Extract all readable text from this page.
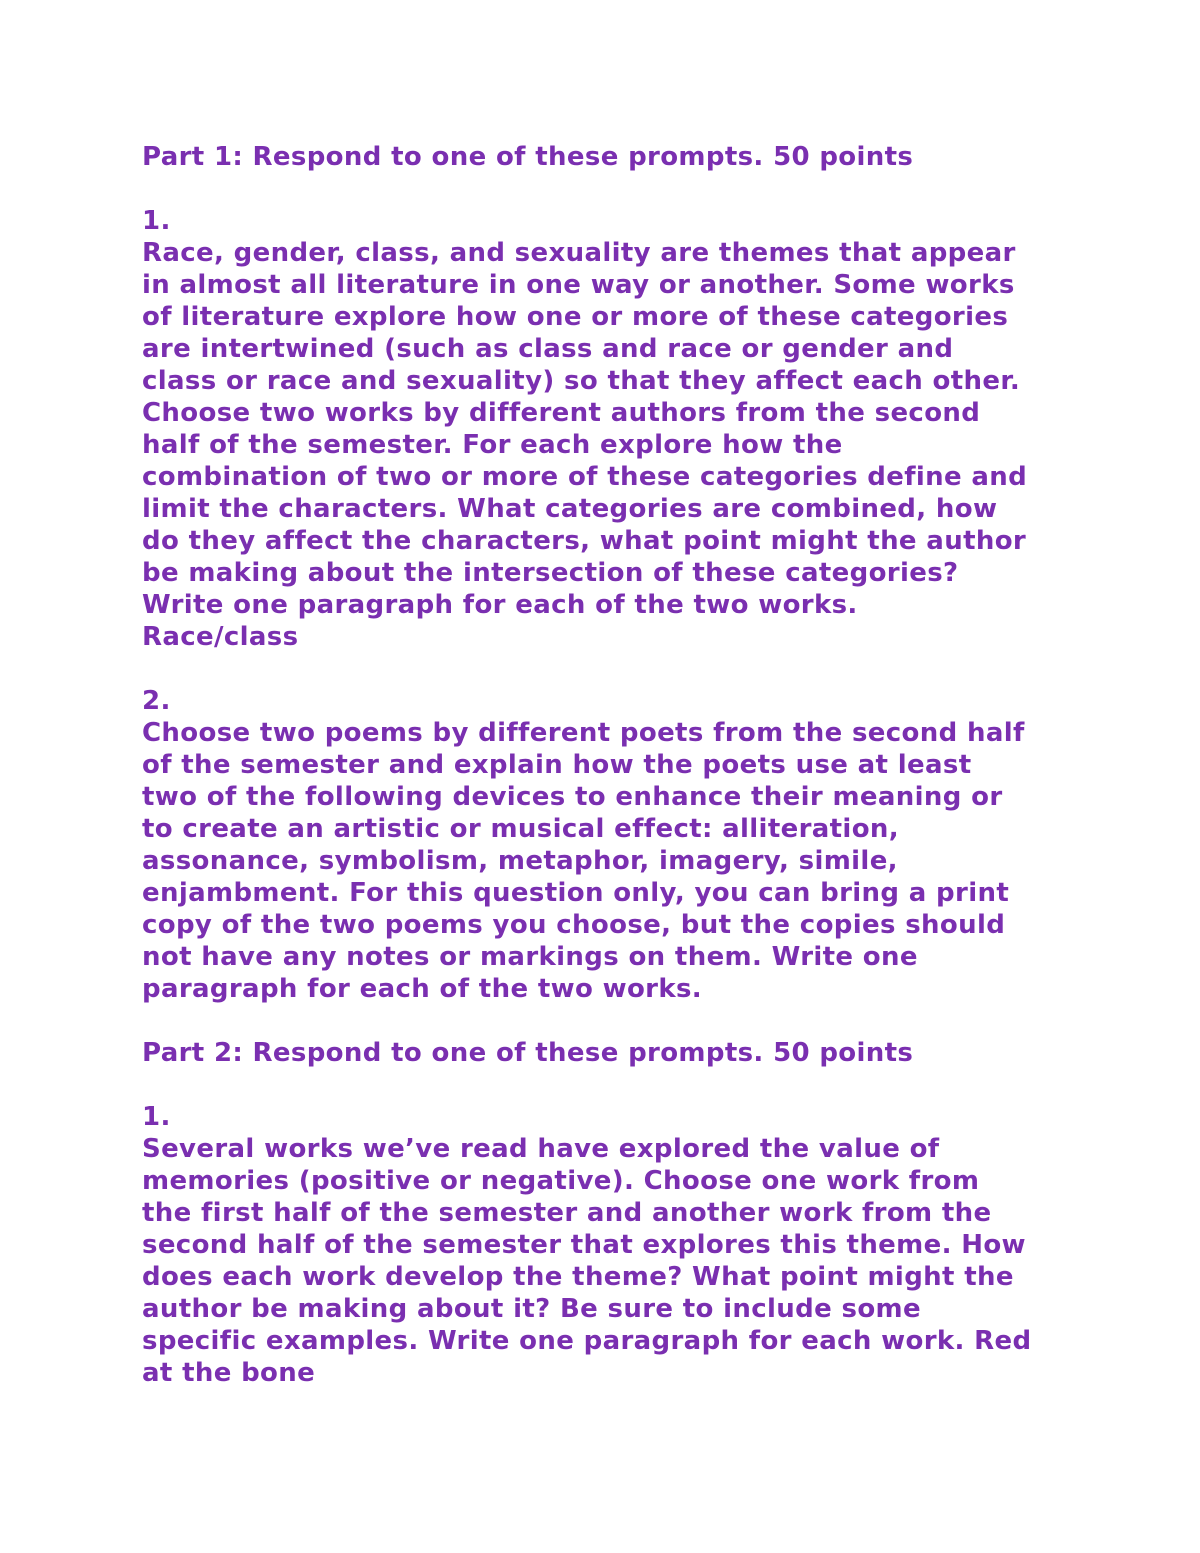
Part 1: Respond to one of these prompts. 50 points
1.
Race, gender, class, and sexuality are themes that appear
in almost all literature in one way or another. Some works
of literature explore how one or more of these categories
are intertwined (such as class and race or gender and
class or race and sexuality) so that they affect each other.
Choose two works by different authors from the second
half of the semester. For each explore how the
combination of two or more of these categories define and
limit the characters. What categories are combined, how
do they affect the characters, what point might the author
be making about the intersection of these categories?
Write one paragraph for each of the two works.
Race/class
2.
Choose two poems by different poets from the second half
of the semester and explain how the poets use at least
two of the following devices to enhance their meaning or
to create an artistic or musical effect: alliteration,
assonance, symbolism, metaphor, imagery, simile,
enjambment. For this question only, you can bring a print
copy of the two poems you choose, but the copies should
not have any notes or markings on them. Write one
paragraph for each of the two works.
Part 2: Respond to one of these prompts. 50 points
1.
Several works we’ve read have explored the value of
memories (positive or negative). Choose one work from
the first half of the semester and another work from the
second half of the semester that explores this theme. How
does each work develop the theme? What point might the
author be making about it? Be sure to include some
specific examples. Write one paragraph for each work. Red
at the bone
